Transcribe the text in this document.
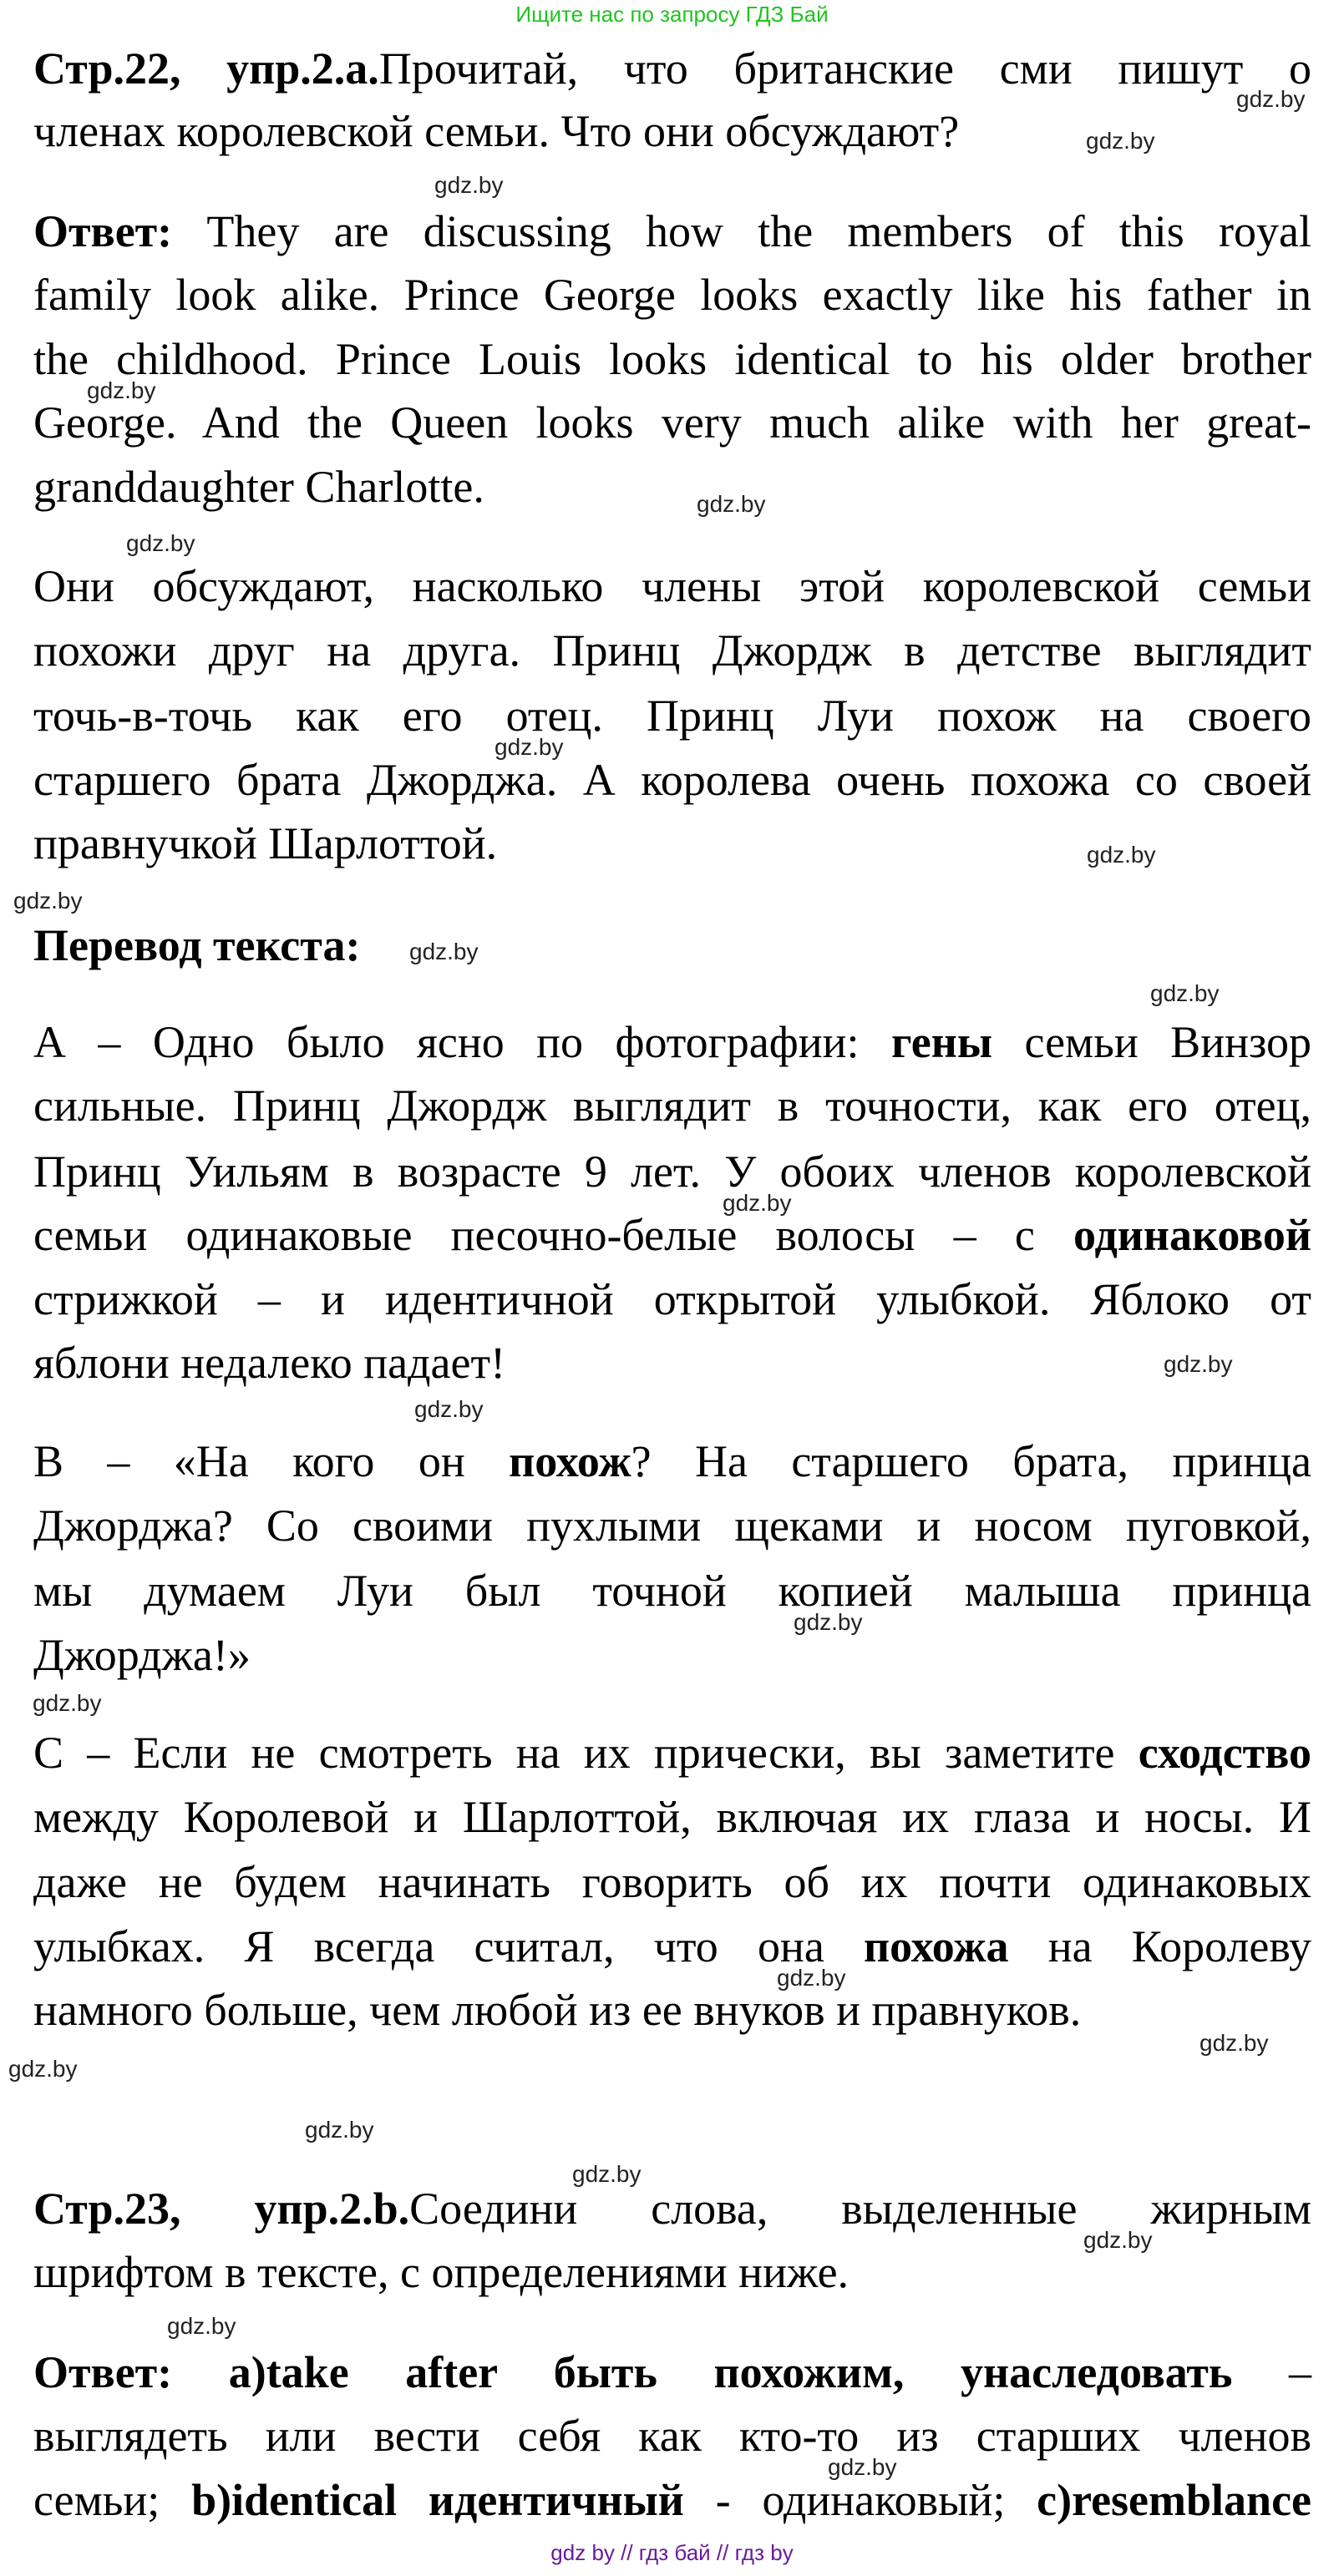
Ищите нас по запросу ГДЗ Бай
Стр.22, упр.2.а.Прочитай, что британские сми пишут о
членах королевской семьи. Что они обсуждают?
Ответ: They are discussing how the members of this royal
family look alike. Prince George looks exactly like his father in
the childhood. Prince Louis looks identical to his older brother
George. And the Queen looks very much alike with her great-
granddaughter Charlotte.
Они обсуждают, насколько члены этой королевской семьи
похожи друг на друга. Принц Джордж в детстве выглядит
точь-в-точь как его отец. Принц Луи похож на своего
старшего брата Джорджа. А королева очень похожа со своей
правнучкой Шарлоттой.
Перевод текста:
А – Одно было ясно по фотографии: гены семьи Винзор
сильные. Принц Джордж выглядит в точности, как его отец,
Принц Уильям в возрасте 9 лет. У обоих членов королевской
семьи одинаковые песочно-белые волосы – с одинаковой
стрижкой – и идентичной открытой улыбкой. Яблоко от
яблони недалеко падает!
В – «На кого он похож? На старшего брата, принца
Джорджа? Со своими пухлыми щеками и носом пуговкой,
мы думаем Луи был точной копией малыша принца
Джорджа!»
С – Если не смотреть на их прически, вы заметите сходство
между Королевой и Шарлоттой, включая их глаза и носы. И
даже не будем начинать говорить об их почти одинаковых
улыбках. Я всегда считал, что она похожа на Королеву
намного больше, чем любой из ее внуков и правнуков.
Стр.23, упр.2.b.Соедини слова, выделенные жирным
шрифтом в тексте, с определениями ниже.
Ответ: a)take after быть похожим, унаследовать –
выглядеть или вести себя как кто-то из старших членов
семьи; b)identical идентичный - одинаковый; c)resemblance
gdz.by
gdz.by
gdz.by
gdz.by
gdz.by
gdz.by
gdz.by
gdz.by
gdz.by
gdz.by
gdz.by
gdz.by
gdz.by
gdz.by
gdz.by
gdz.by
gdz.by
gdz.by
gdz.by
gdz.by
gdz.by
gdz.by
gdz.by
gdz.by
gdz by // гдз бай // гдз by
